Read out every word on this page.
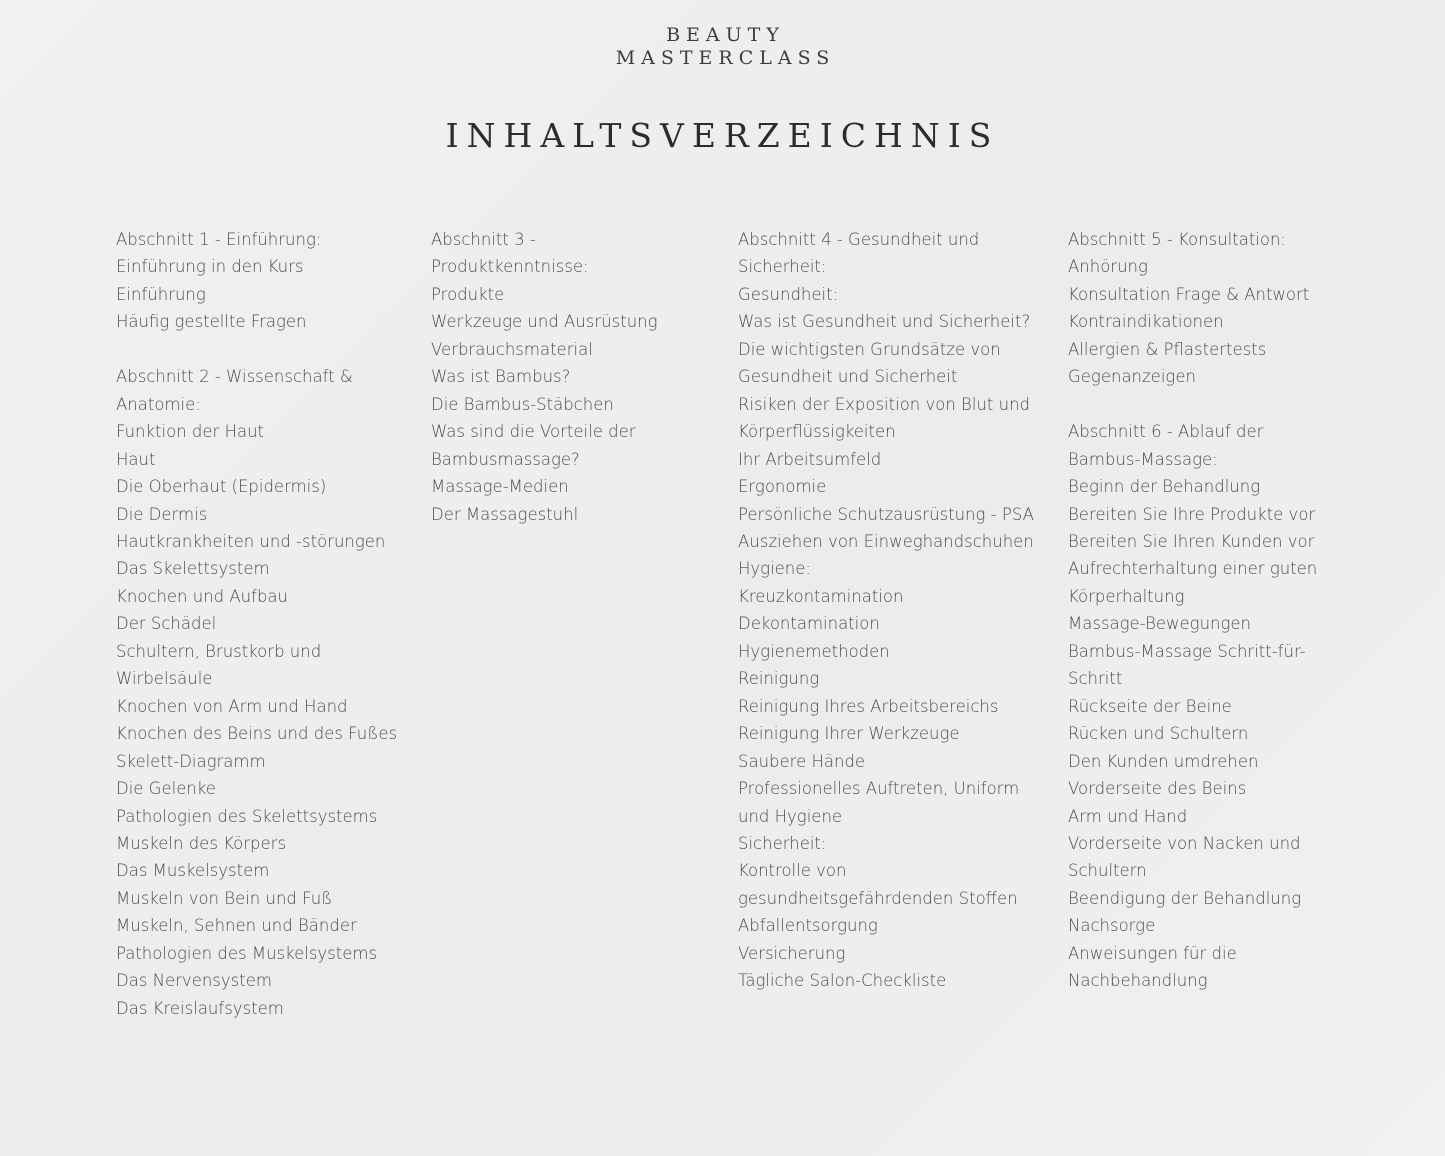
BEAUTY
MASTERCLASS
INHALTSVERZEICHNIS
Abschnitt 1 - Einführung:
Einführung in den Kurs
Einführung
Häufig gestellte Fragen
Abschnitt 2 - Wissenschaft & Anatomie:
Funktion der Haut
Haut
Die Oberhaut (Epidermis)
Die Dermis
Hautkrankheiten und -störungen
Das Skelettsystem
Knochen und Aufbau
Der Schädel
Schultern, Brustkorb und Wirbelsäule
Knochen von Arm und Hand
Knochen des Beins und des Fußes
Skelett-Diagramm
Die Gelenke
Pathologien des Skelettsystems
Muskeln des Körpers
Das Muskelsystem
Muskeln von Bein und Fuß
Muskeln, Sehnen und Bänder
Pathologien des Muskelsystems
Das Nervensystem
Das Kreislaufsystem
Abschnitt 3 - Produktkenntnisse:
Produkte
Werkzeuge und Ausrüstung
Verbrauchsmaterial
Was ist Bambus?
Die Bambus-Stäbchen
Was sind die Vorteile der Bambusmassage?
Massage-Medien
Der Massagestuhl
Abschnitt 4 - Gesundheit und Sicherheit:
Gesundheit:
Was ist Gesundheit und Sicherheit?
Die wichtigsten Grundsätze von Gesundheit und Sicherheit
Risiken der Exposition von Blut und Körperflüssigkeiten
Ihr Arbeitsumfeld
Ergonomie
Persönliche Schutzausrüstung - PSA
Ausziehen von Einweghandschuhen
Hygiene:
Kreuzkontamination
Dekontamination
Hygienemethoden
Reinigung
Reinigung Ihres Arbeitsbereichs
Reinigung Ihrer Werkzeuge
Saubere Hände
Professionelles Auftreten, Uniform und Hygiene
Sicherheit:
Kontrolle von gesundheitsgefährdenden Stoffen
Abfallentsorgung
Versicherung
Tägliche Salon-Checkliste
Abschnitt 5 - Konsultation:
Anhörung
Konsultation Frage & Antwort
Kontraindikationen
Allergien & Pflastertests
Gegenanzeigen
Abschnitt 6 - Ablauf der Bambus-Massage:
Beginn der Behandlung
Bereiten Sie Ihre Produkte vor
Bereiten Sie Ihren Kunden vor
Aufrechterhaltung einer guten Körperhaltung
Massage-Bewegungen
Bambus-Massage Schritt-für-Schritt
Rückseite der Beine
Rücken und Schultern
Den Kunden umdrehen
Vorderseite des Beins
Arm und Hand
Vorderseite von Nacken und Schultern
Beendigung der Behandlung
Nachsorge
Anweisungen für die Nachbehandlung
